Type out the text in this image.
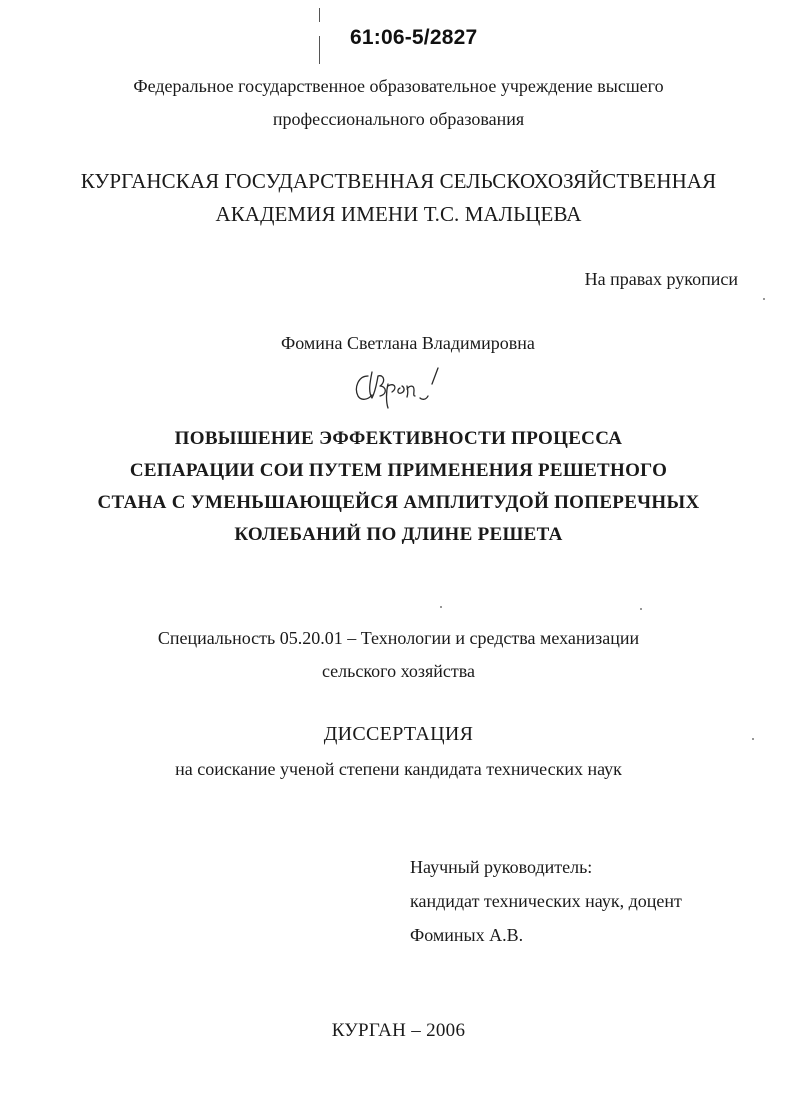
61:06-5/2827
Федеральное государственное образовательное учреждение высшего
профессионального образования
КУРГАНСКАЯ ГОСУДАРСТВЕННАЯ СЕЛЬСКОХОЗЯЙСТВЕННАЯ
АКАДЕМИЯ ИМЕНИ Т.С. МАЛЬЦЕВА
На правах рукописи
Фомина Светлана Владимировна
ПОВЫШЕНИЕ ЭФФЕКТИВНОСТИ ПРОЦЕССА
СЕПАРАЦИИ СОИ ПУТЕМ ПРИМЕНЕНИЯ РЕШЕТНОГО
СТАНА С УМЕНЬШАЮЩЕЙСЯ АМПЛИТУДОЙ ПОПЕРЕЧНЫХ
КОЛЕБАНИЙ ПО ДЛИНЕ РЕШЕТА
Специальность 05.20.01 – Технологии и средства механизации
сельского хозяйства
ДИССЕРТАЦИЯ
на соискание ученой степени кандидата технических наук
Научный руководитель:
кандидат технических наук, доцент
Фоминых А.В.
КУРГАН – 2006
